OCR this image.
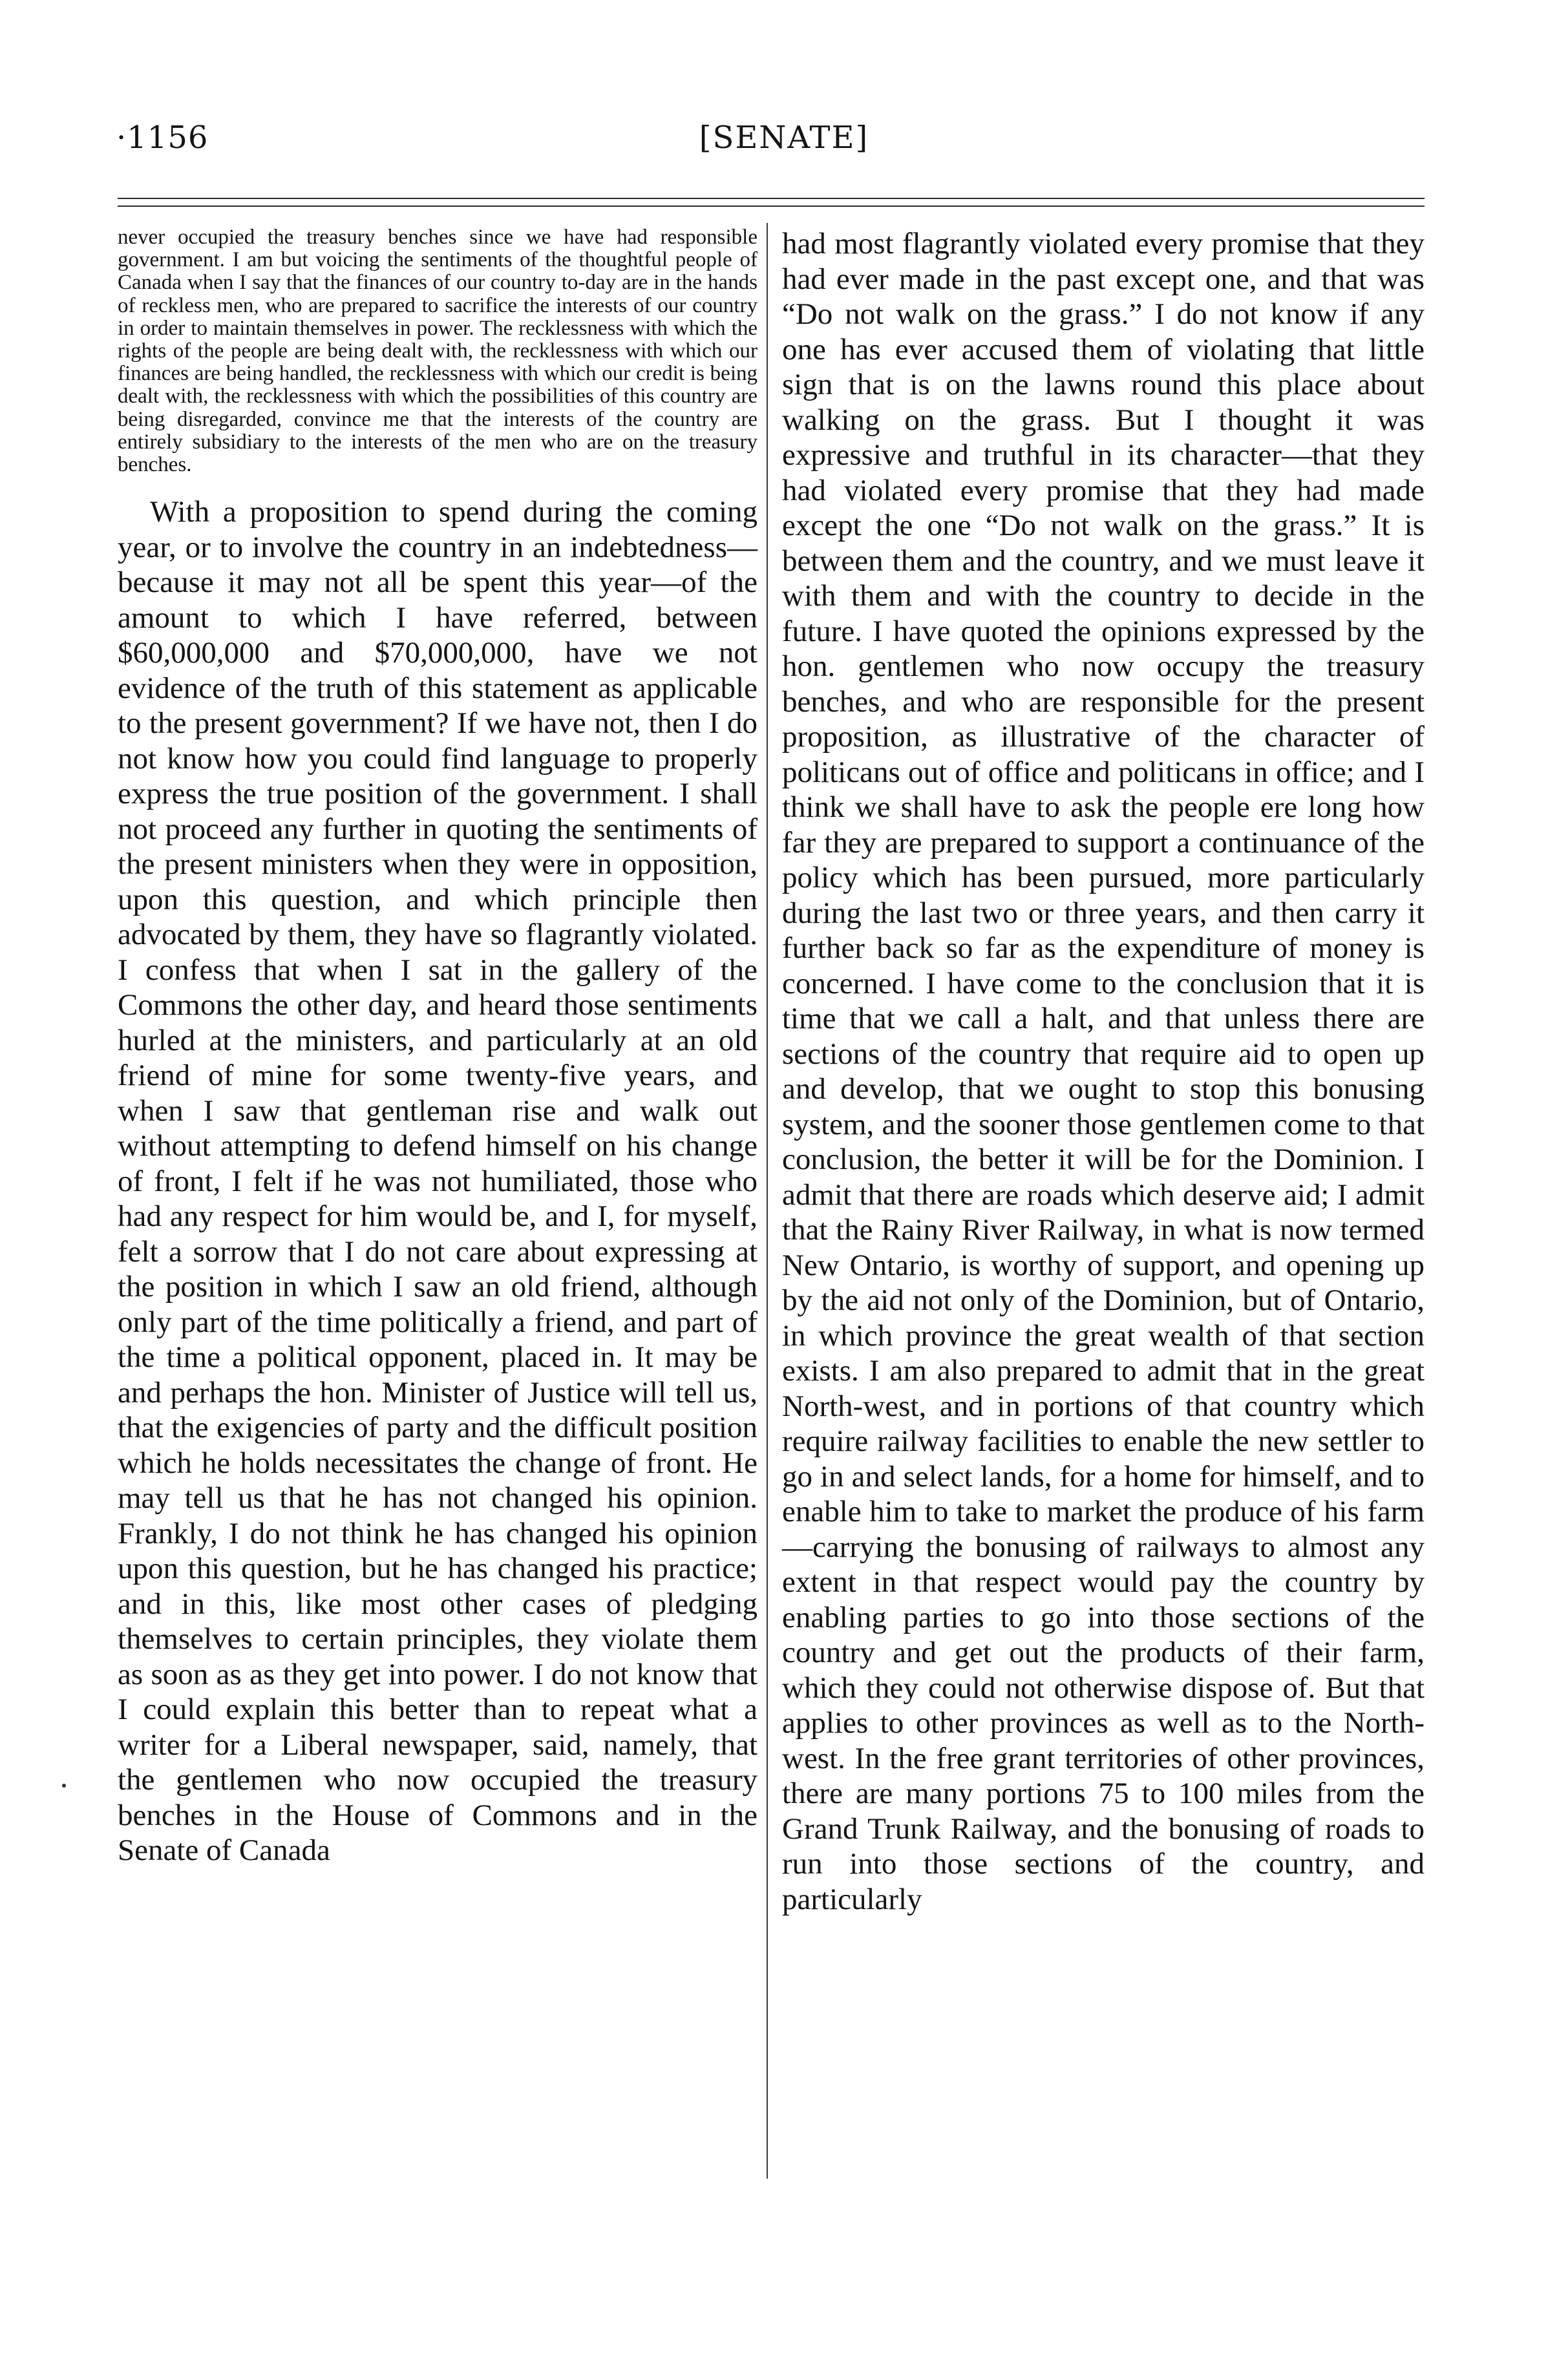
·1156	[SENATE]

never occupied the treasury benches since we have had responsible government. I am but voicing the sentiments of the thoughtful people of Canada when I say that the finances of our country to-day are in the hands of reckless men, who are prepared to sacrifice the interests of our country in order to maintain themselves in power. The recklessness with which the rights of the people are being dealt with, the recklessness with which our finances are being handled, the recklessness with which our credit is being dealt with, the recklessness with which the possibilities of this country are being disregarded, convince me that the interests of the country are entirely subsidiary to the interests of the men who are on the treasury benches.

With a proposition to spend during the coming year, or to involve the country in an indebtedness—because it may not all be spent this year—of the amount to which I have referred, between $60,000,000 and $70,000,000, have we not evidence of the truth of this statement as applicable to the present government? If we have not, then I do not know how you could find language to properly express the true position of the government. I shall not proceed any further in quoting the sentiments of the present ministers when they were in opposition, upon this question, and which principle then advocated by them, they have so flagrantly violated. I confess that when I sat in the gallery of the Commons the other day, and heard those sentiments hurled at the ministers, and particularly at an old friend of mine for some twenty-five years, and when I saw that gentleman rise and walk out without attempting to defend himself on his change of front, I felt if he was not humiliated, those who had any respect for him would be, and I, for myself, felt a sorrow that I do not care about expressing at the position in which I saw an old friend, although only part of the time politically a friend, and part of the time a political opponent, placed in. It may be and perhaps the hon. Minister of Justice will tell us, that the exigencies of party and the difficult position which he holds necessitates the change of front. He may tell us that he has not changed his opinion. Frankly, I do not think he has changed his opinion upon this question, but he has changed his practice; and in this, like most other cases of pledging themselves to certain principles, they violate them as soon as as they get into power. I do not know that I could explain this better than to repeat what a writer for a Liberal newspaper, said, namely, that the gentlemen who now occupied the treasury benches in the House of Commons and in the Senate of Canada

had most flagrantly violated every promise that they had ever made in the past except one, and that was “Do not walk on the grass.” I do not know if any one has ever accused them of violating that little sign that is on the lawns round this place about walking on the grass. But I thought it was expressive and truthful in its character—that they had violated every promise that they had made except the one “Do not walk on the grass.” It is between them and the country, and we must leave it with them and with the country to decide in the future. I have quoted the opinions expressed by the hon. gentlemen who now occupy the treasury benches, and who are responsible for the present proposition, as illustrative of the character of politicans out of office and politicans in office; and I think we shall have to ask the people ere long how far they are prepared to support a continuance of the policy which has been pursued, more particularly during the last two or three years, and then carry it further back so far as the expenditure of money is concerned. I have come to the conclusion that it is time that we call a halt, and that unless there are sections of the country that require aid to open up and develop, that we ought to stop this bonusing system, and the sooner those gentlemen come to that conclusion, the better it will be for the Dominion. I admit that there are roads which deserve aid; I admit that the Rainy River Railway, in what is now termed New Ontario, is worthy of support, and opening up by the aid not only of the Dominion, but of Ontario, in which province the great wealth of that section exists. I am also prepared to admit that in the great North-west, and in portions of that country which require railway facilities to enable the new settler to go in and select lands, for a home for himself, and to enable him to take to market the produce of his farm—carrying the bonusing of railways to almost any extent in that respect would pay the country by enabling parties to go into those sections of the country and get out the products of their farm, which they could not otherwise dispose of. But that applies to other provinces as well as to the North-west. In the free grant territories of other provinces, there are many portions 75 to 100 miles from the Grand Trunk Railway, and the bonusing of roads to run into those sections of the country, and particularly
